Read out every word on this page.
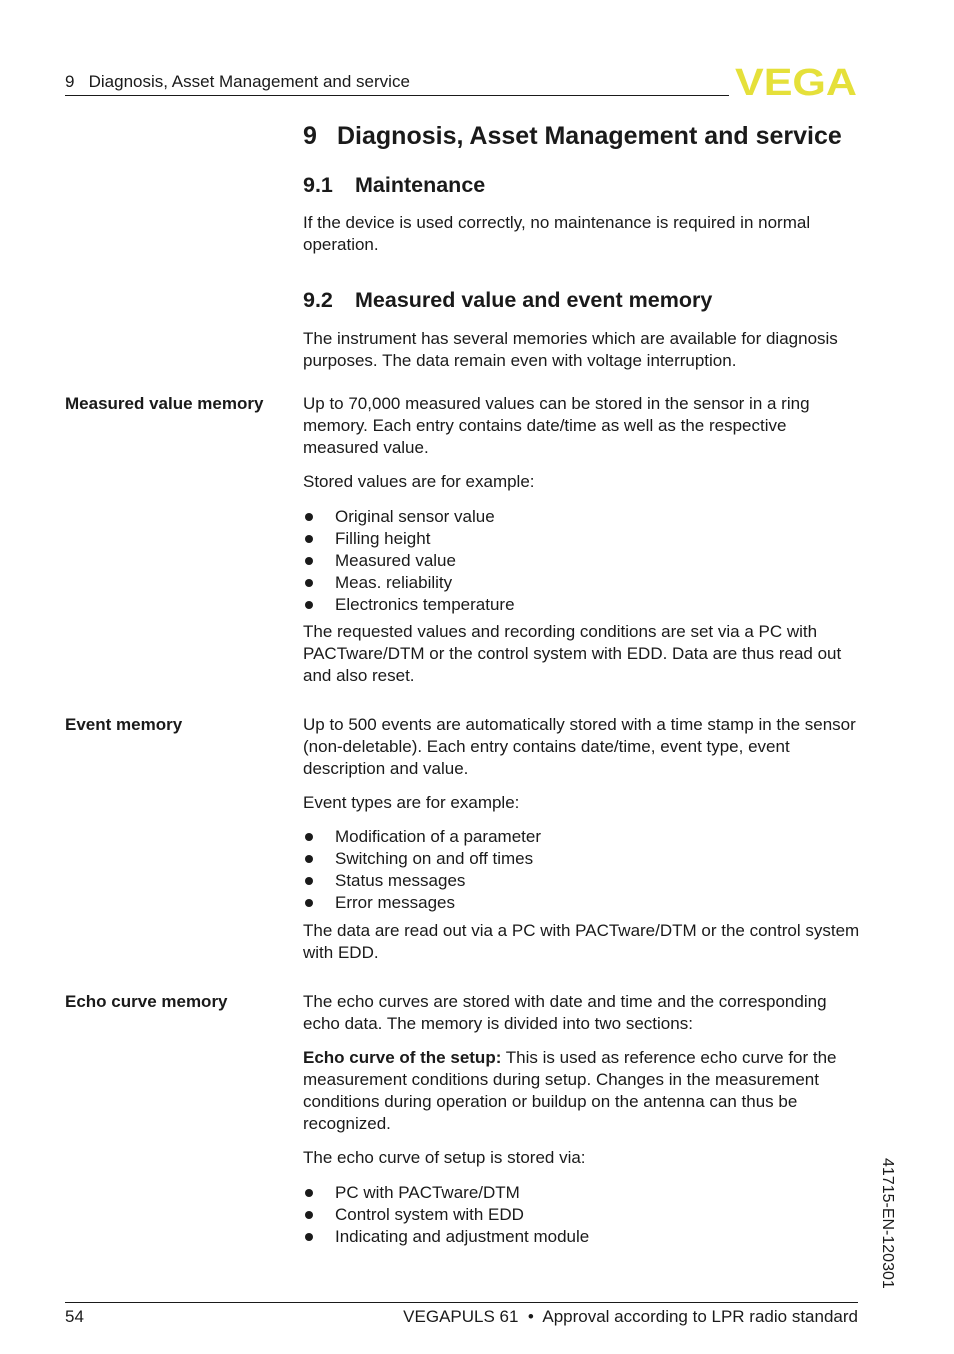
9   Diagnosis, Asset Management and service	VEGA
9 Diagnosis, Asset Management and service
9.1 Maintenance

If the device is used correctly, no maintenance is required in normal operation.

9.2 Measured value and event memory

The instrument has several memories which are available for diagnosis purposes. The data remain even with voltage interruption.

Measured value memory Up to 70,000 measured values can be stored in the sensor in a ring memory. Each entry contains date/time as well as the respective measured value.

Stored values are for example:

Original sensor value
Filling height
Measured value
Meas. reliability
Electronics temperature

The requested values and recording conditions are set via a PC with PACTware/DTM or the control system with EDD. Data are thus read out and also reset.

Event memory	Up to 500 events are automatically stored with a time stamp in the sensor (non-deletable). Each entry contains date/time, event type, event description and value.

Event types are for example:

Modification of a parameter
Switching on and off times
Status messages
Error messages

The data are read out via a PC with PACTware/DTM or the control system with EDD.

Echo curve memory	The echo curves are stored with date and time and the corresponding echo data. The memory is divided into two sections:

Echo curve of the setup: This is used as reference echo curve for the measurement conditions during setup. Changes in the measurement conditions during operation or buildup on the antenna can thus be recognized.

The echo curve of setup is stored via:

PC with PACTware/DTM
Control system with EDD
Indicating and adjustment module	41715-EN-120301
54	VEGAPULS 61  •  Approval according to LPR radio standard
